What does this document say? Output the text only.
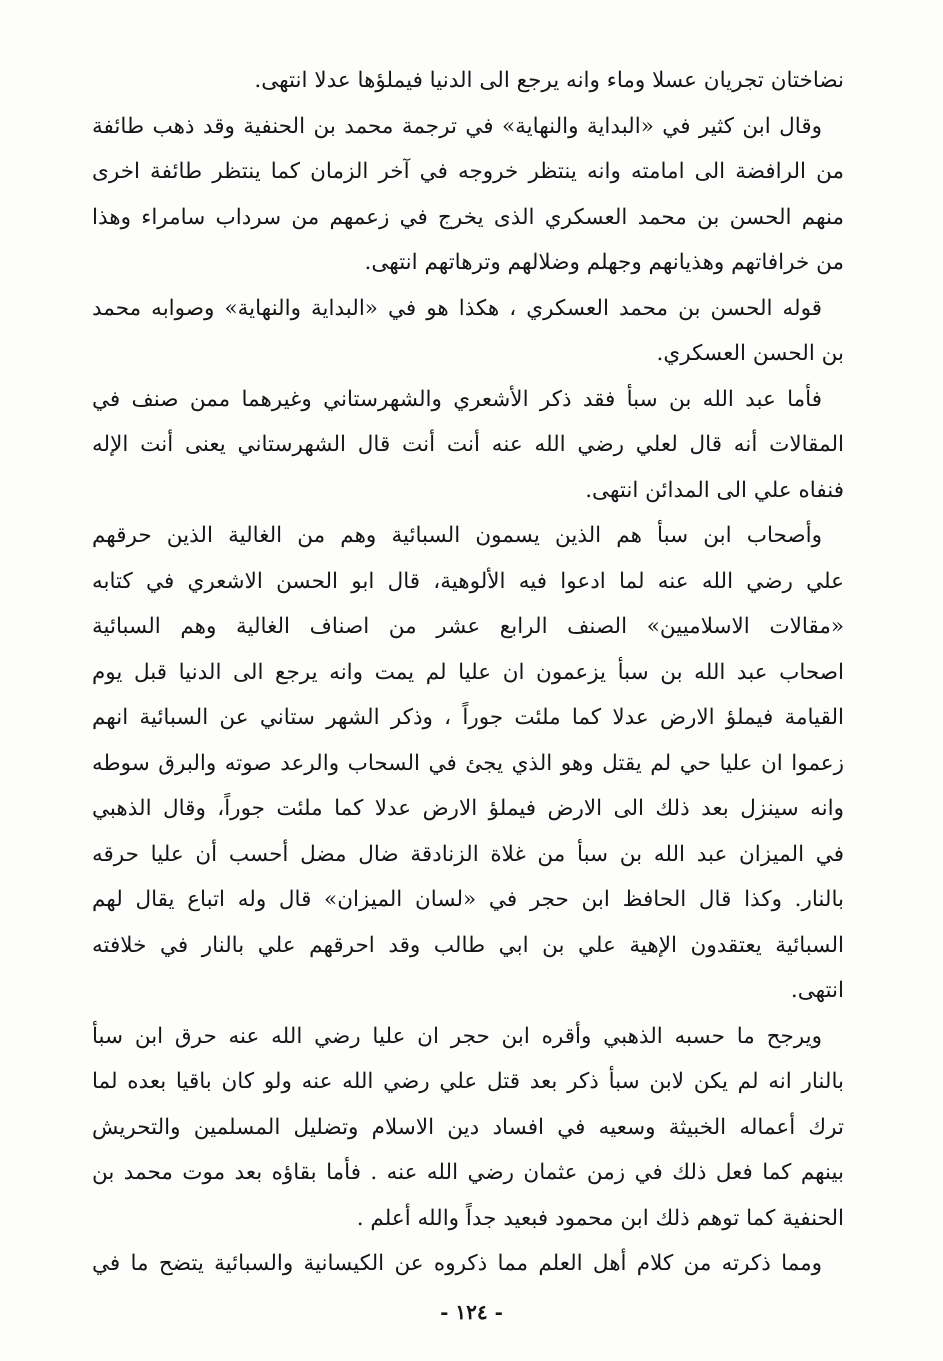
نضاختان تجريان عسلا وماء وانه يرجع الى الدنيا فيملؤها عدلا انتهى.
وقال ابن كثير في «البداية والنهاية» في ترجمة محمد بن الحنفية وقد ذهب طائفة
من الرافضة الى امامته وانه ينتظر خروجه في آخر الزمان كما ينتظر طائفة اخرى
منهم الحسن بن محمد العسكري الذى يخرج في زعمهم من سرداب سامراء وهذا
من خرافاتهم وهذيانهم وجهلم وضلالهم وترهاتهم انتهى.
قوله الحسن بن محمد العسكري ، هكذا هو في «البداية والنهاية» وصوابه محمد
بن الحسن العسكري.
فأما عبد الله بن سبأ فقد ذكر الأشعري والشهرستاني وغيرهما ممن صنف في
المقالات أنه قال لعلي رضي الله عنه أنت أنت قال الشهرستاني يعنى أنت الإله
فنفاه علي الى المدائن انتهى.
وأصحاب ابن سبأ هم الذين يسمون السبائية وهم من الغالية الذين حرقهم
علي رضي الله عنه لما ادعوا فيه الألوهية، قال ابو الحسن الاشعري في كتابه
«مقالات الاسلاميين» الصنف الرابع عشر من اصناف الغالية وهم السبائية
اصحاب عبد الله بن سبأ يزعمون ان عليا لم يمت وانه يرجع الى الدنيا قبل يوم
القيامة فيملؤ الارض عدلا كما ملئت جوراً ، وذكر الشهر ستاني عن السبائية انهم
زعموا ان عليا حي لم يقتل وهو الذي يجئ في السحاب والرعد صوته والبرق سوطه
وانه سينزل بعد ذلك الى الارض فيملؤ الارض عدلا كما ملئت جوراً، وقال الذهبي
في الميزان عبد الله بن سبأ من غلاة الزنادقة ضال مضل أحسب أن عليا حرقه
بالنار. وكذا قال الحافظ ابن حجر في «لسان الميزان» قال وله اتباع يقال لهم
السبائية يعتقدون الإهية علي بن ابي طالب وقد احرقهم علي بالنار في خلافته
انتهى.
ويرجح ما حسبه الذهبي وأقره ابن حجر ان عليا رضي الله عنه حرق ابن سبأ
بالنار انه لم يكن لابن سبأ ذكر بعد قتل علي رضي الله عنه ولو كان باقيا بعده لما
ترك أعماله الخبيثة وسعيه في افساد دين الاسلام وتضليل المسلمين والتحريش
بينهم كما فعل ذلك في زمن عثمان رضي الله عنه . فأما بقاؤه بعد موت محمد بن
الحنفية كما توهم ذلك ابن محمود فبعيد جداً والله أعلم .
ومما ذكرته من كلام أهل العلم مما ذكروه عن الكيسانية والسبائية يتضح ما في
- ١٢٤ -
